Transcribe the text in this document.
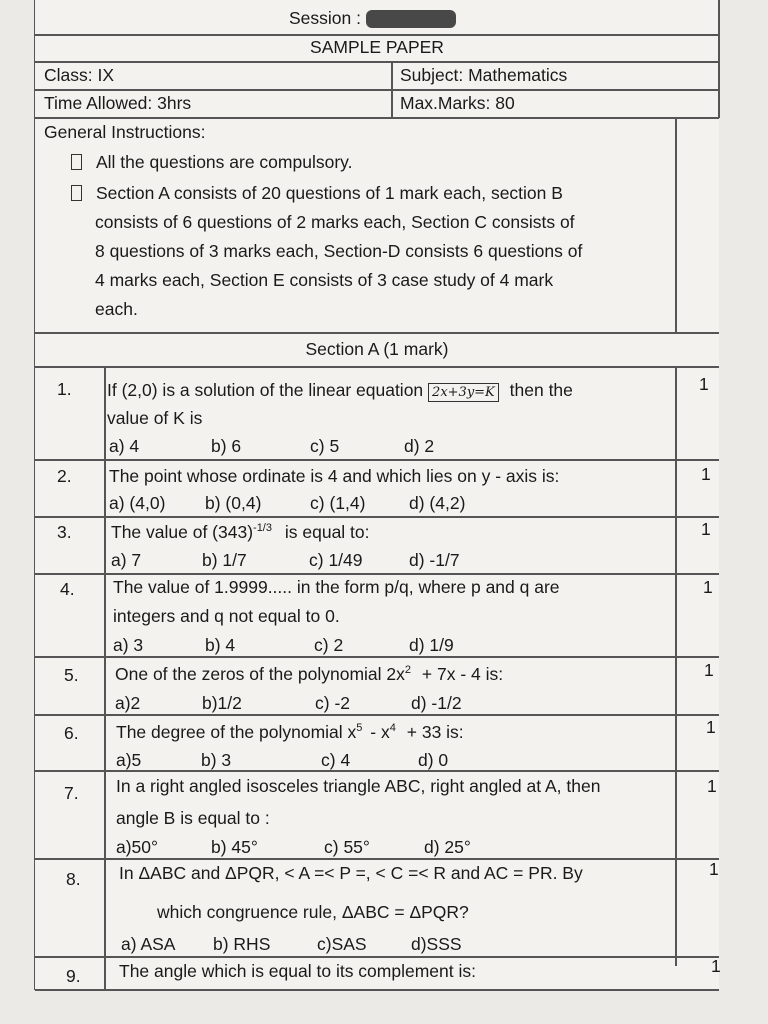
Session :
SAMPLE PAPER
Class: IX	Subject: Mathematics
Time Allowed: 3hrs	Max.Marks: 80
General Instructions:
All the questions are compulsory.
Section A consists of 20 questions of 1 mark each, section B
consists of 6 questions of 2 marks each, Section C consists of
8 questions of 3 marks each, Section-D consists 6 questions of
4 marks each, Section E consists of 3 case study of 4 mark
each.
Section A (1 mark)
1. If (2,0) is a solution of the linear equation 2x+3y=K then the
value of K is
a) 4	b) 6	c) 5	d) 2
1
2. The point whose ordinate is 4 and which lies on y - axis is:
a) (4,0) b) (0,4)	c) (1,4) d) (4,2)
1
3. The value of $(343)^{-1/3}$ is equal to:
a) 7	b) 1/7	c) 1/49	d) -1/7
1
4. The value of 1.9999..... in the form p/q, where p and q are
integers and q not equal to 0.
a) 3	b) 4	c) 2	d) 1/9
1
5. One of the zeros of the polynomial $2x^2 + 7x - 4$ is:
a)2	b)1/2	c) -2	d) -1/2
1
6. The degree of the polynomial $x^5 - x^4 + 33$ is:
a)5	b) 3	c) 4	d) 0
1
7. In a right angled isosceles triangle ABC, right angled at A, then
angle B is equal to :
a)50°	b) 45°	c) 55°	d) 25°
1
8. In ΔABC and ΔPQR, < A =< P =, < C =< R and AC = PR. By
which congruence rule, ΔABC = ΔPQR?
a) ASA b) RHS	c)SAS	d)SSS
1
9. The angle which is equal to its complement is:	1
